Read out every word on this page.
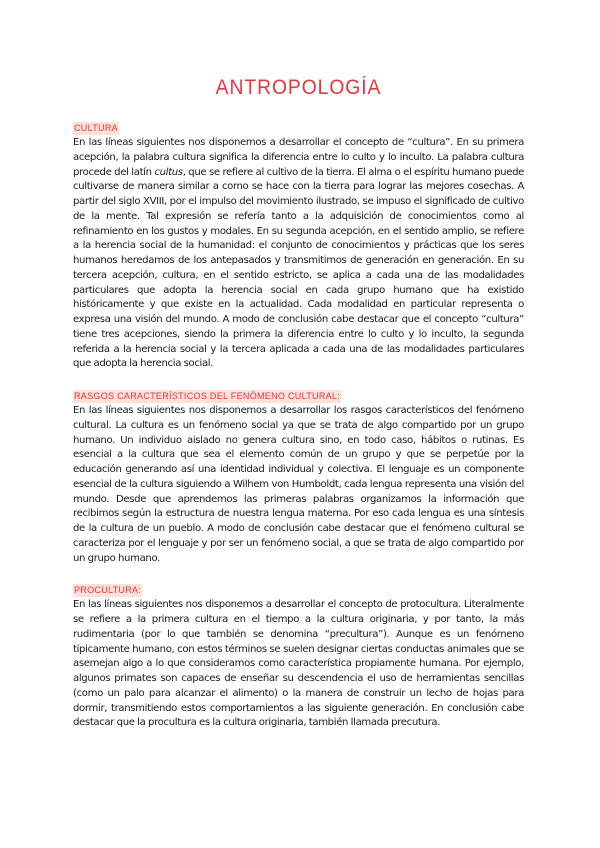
ANTROPOLOGÍA
CULTURA

En las líneas siguientes nos disponemos a desarrollar el concepto de “cultura”. En su primera acepción, la palabra cultura significa la diferencia entre lo culto y lo inculto. La palabra cultura procede del latín cultus, que se refiere al cultivo de la tierra. El alma o el espíritu humano puede cultivarse de manera similar a como se hace con la tierra para lograr las mejores cosechas. A partir del siglo XVIII, por el impulso del movimiento ilustrado, se impuso el significado de cultivo de la mente. Tal expresión se refería tanto a la adquisición de conocimientos como al refinamiento en los gustos y modales. En su segunda acepción, en el sentido amplio, se refiere a la herencia social de la humanidad: el conjunto de conocimientos y prácticas que los seres humanos heredamos de los antepasados y transmitimos de generación en generación. En su tercera acepción, cultura, en el sentido estricto, se aplica a cada una de las modalidades particulares que adopta la herencia social en cada grupo humano que ha existido históricamente y que existe en la actualidad. Cada modalidad en particular representa o expresa una visión del mundo. A modo de conclusión cabe destacar que el concepto “cultura” tiene tres acepciones, siendo la primera la diferencia entre lo culto y lo inculto, la segunda referida a la herencia social y la tercera aplicada a cada una de las modalidades particulares que adopta la herencia social.

RASGOS CARACTERÍSTICOS DEL FENÓMENO CULTURAL:

En las líneas siguientes nos disponemos a desarrollar los rasgos característicos del fenómeno cultural. La cultura es un fenómeno social ya que se trata de algo compartido por un grupo humano. Un individuo aislado no genera cultura sino, en todo caso, hábitos o rutinas. Es esencial a la cultura que sea el elemento común de un grupo y que se perpetúe por la educación generando así una identidad individual y colectiva. El lenguaje es un componente esencial de la cultura siguiendo a Wilhem von Humboldt, cada lengua representa una visión del mundo. Desde que aprendemos las primeras palabras organizamos la información que recibimos según la estructura de nuestra lengua materna. Por eso cada lengua es una síntesis de la cultura de un pueblo. A modo de conclusión cabe destacar que el fenómeno cultural se caracteriza por el lenguaje y por ser un fenómeno social, a que se trata de algo compartido por un grupo humano.

PROCULTURA:

En las líneas siguientes nos disponemos a desarrollar el concepto de protocultura. Literalmente se refiere a la primera cultura en el tiempo a la cultura originaria, y por tanto, la más rudimentaria (por lo que también se denomina “precultura”). Aunque es un fenómeno típicamente humano, con estos términos se suelen designar ciertas conductas animales que se asemejan algo a lo que consideramos como característica propiamente humana. Por ejemplo, algunos primates son capaces de enseñar su descendencia el uso de herramientas sencillas (como un palo para alcanzar el alimento) o la manera de construir un lecho de hojas para dormir, transmitiendo estos comportamientos a las siguiente generación. En conclusión cabe destacar que la procultura es la cultura originaria, también llamada precutura.
